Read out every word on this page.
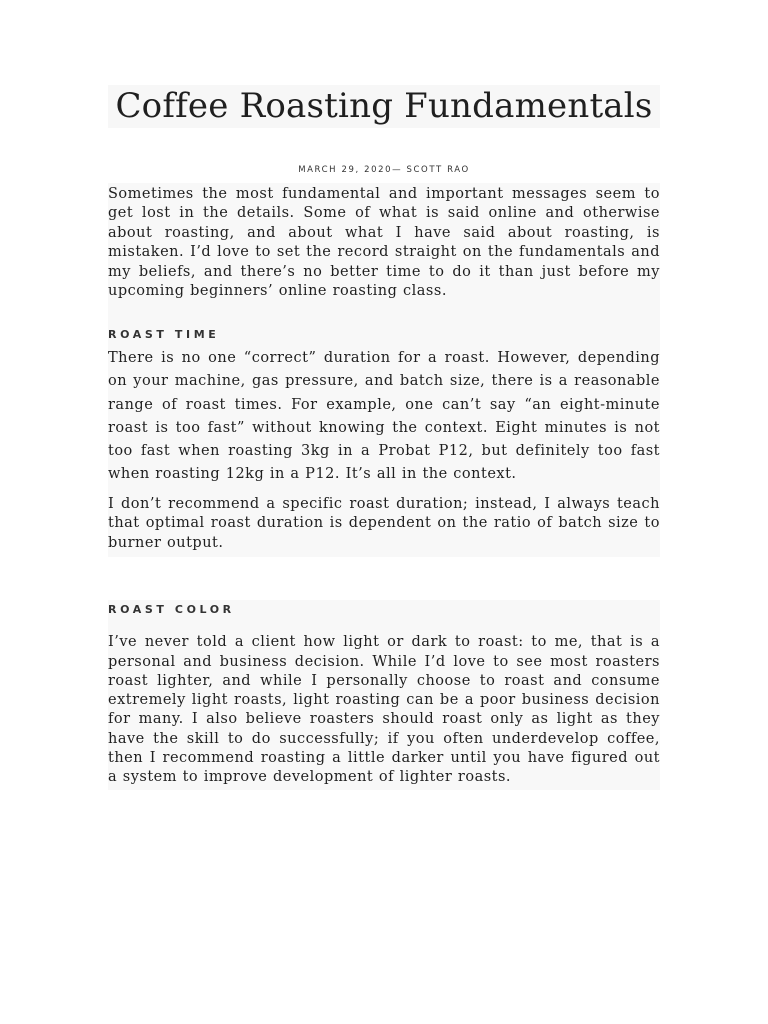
Coffee Roasting Fundamentals
MARCH 29, 2020— SCOTT RAO

Sometimes the most fundamental and important messages seem to get lost in the details. Some of what is said online and otherwise about roasting, and about what I have said about roasting, is mistaken. I’d love to set the record straight on the fundamentals and my beliefs, and there’s no better time to do it than just before my upcoming beginners’ online roasting class.

ROAST TIME

There is no one “correct” duration for a roast. However, depending on your machine, gas pressure, and batch size, there is a reasonable range of roast times. For example, one can’t say “an eight-minute roast is too fast” without knowing the context. Eight minutes is not too fast when roasting 3kg in a Probat P12, but definitely too fast when roasting 12kg in a P12. It’s all in the context.

I don’t recommend a specific roast duration; instead, I always teach that optimal roast duration is dependent on the ratio of batch size to burner output.

ROAST COLOR

I’ve never told a client how light or dark to roast: to me, that is a personal and business decision. While I’d love to see most roasters roast lighter, and while I personally choose to roast and consume extremely light roasts, light roasting can be a poor business decision for many. I also believe roasters should roast only as light as they have the skill to do successfully; if you often underdevelop coffee, then I recommend roasting a little darker until you have figured out a system to improve development of lighter roasts.
